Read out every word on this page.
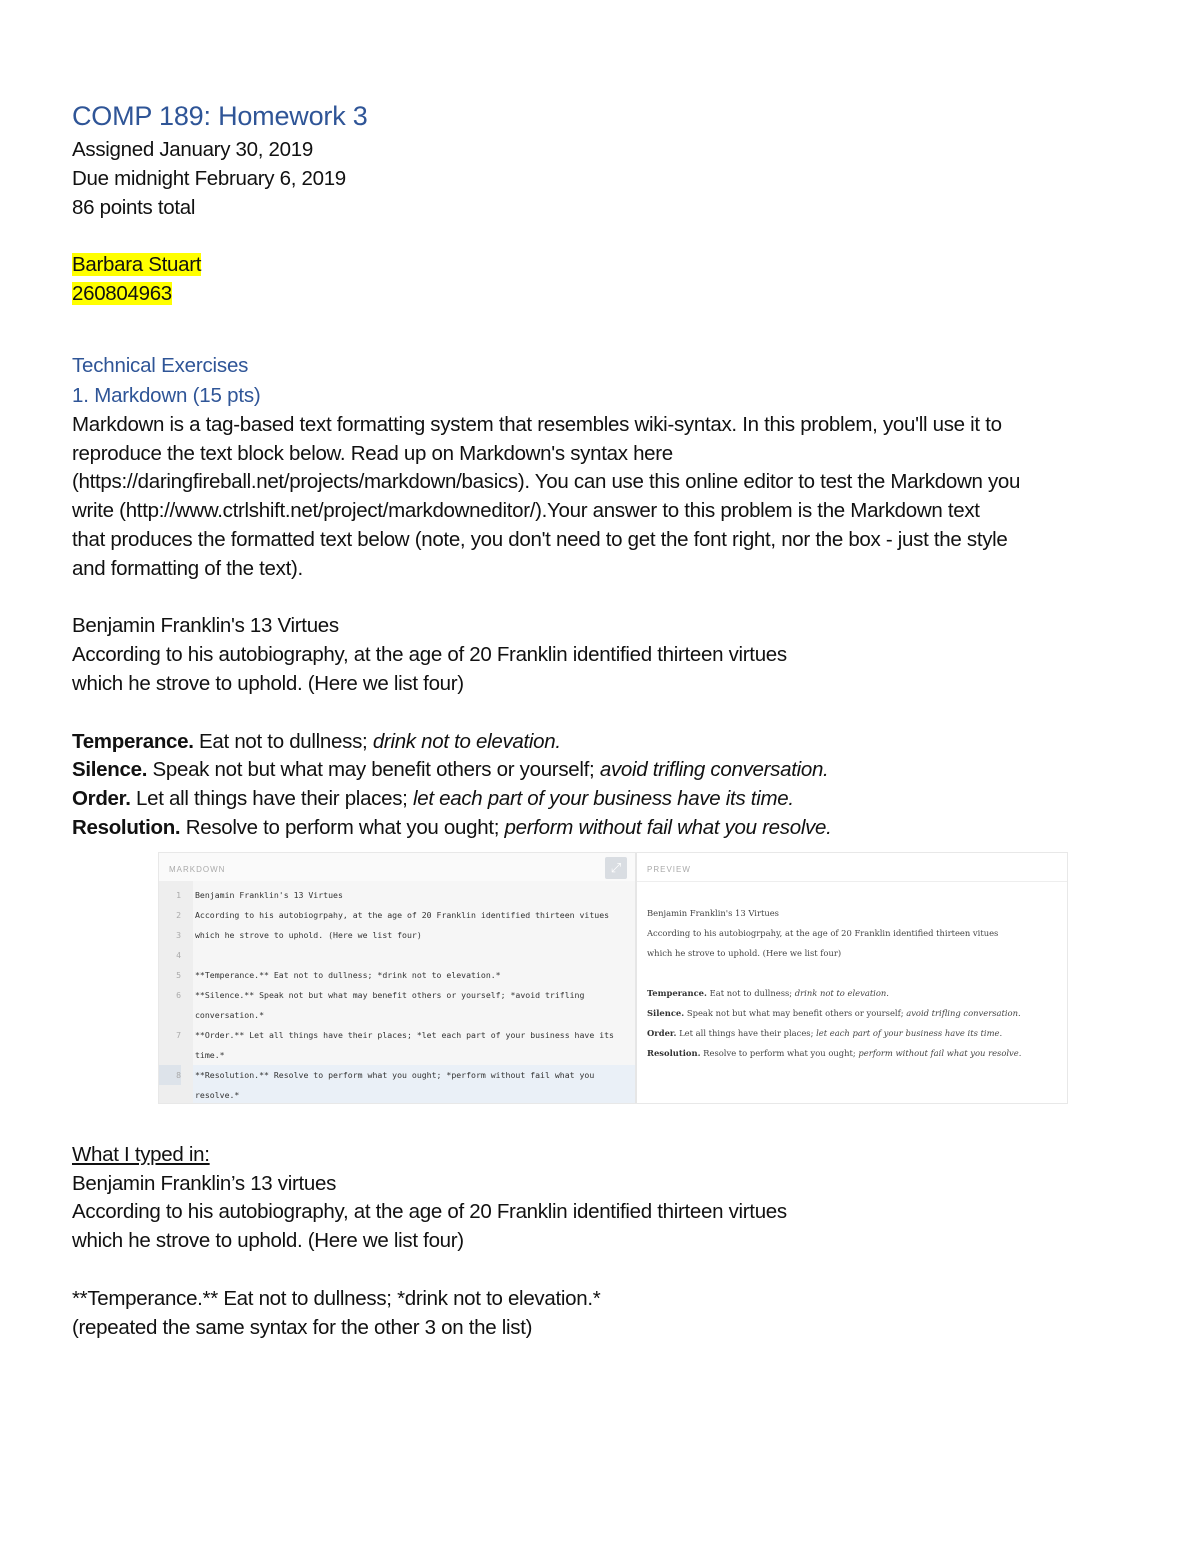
COMP 189: Homework 3
Assigned January 30, 2019
Due midnight February 6, 2019
86 points total
Barbara Stuart
260804963
Technical Exercises
1. Markdown (15 pts)
Markdown is a tag-based text formatting system that resembles wiki-syntax. In this problem, you'll use it to
reproduce the text block below. Read up on Markdown's syntax here
(https://daringfireball.net/projects/markdown/basics). You can use this online editor to test the Markdown you
write (http://www.ctrlshift.net/project/markdowneditor/).Your answer to this problem is the Markdown text
that produces the formatted text below (note, you don't need to get the font right, nor the box - just the style
and formatting of the text).
Benjamin Franklin's 13 Virtues
According to his autobiography, at the age of 20 Franklin identified thirteen virtues
which he strove to uphold. (Here we list four)
Temperance. Eat not to dullness; drink not to elevation.
Silence. Speak not but what may benefit others or yourself; avoid trifling conversation.
Order. Let all things have their places; let each part of your business have its time.
Resolution. Resolve to perform what you ought; perform without fail what you resolve.
What I typed in:
Benjamin Franklin’s 13 virtues
According to his autobiography, at the age of 20 Franklin identified thirteen virtues
which he strove to uphold. (Here we list four)
**Temperance.** Eat not to dullness; *drink not to elevation.*
(repeated the same syntax for the other 3 on the list)
MARKDOWN	⤢
1 Benjamin Franklin's 13 Virtues
2 According to his autobiogrpahy, at the age of 20 Franklin identified thirteen vitues
3 which he strove to uphold. (Here we list four)
4
5 **Temperance.** Eat not to dullness; *drink not to elevation.*
6 **Silence.** Speak not but what may benefit others or yourself; *avoid trifling
conversation.*
7 **Order.** Let all things have their places; *let each part of your business have its
time.*
8 **Resolution.** Resolve to perform what you ought; *perform without fail what you
resolve.*
PREVIEW
Benjamin Franklin's 13 Virtues
According to his autobiogrpahy, at the age of 20 Franklin identified thirteen vitues
which he strove to uphold. (Here we list four)
Temperance. Eat not to dullness; drink not to elevation.
Silence. Speak not but what may benefit others or yourself; avoid trifling conversation.
Order. Let all things have their places; let each part of your business have its time.
Resolution. Resolve to perform what you ought; perform without fail what you resolve.
